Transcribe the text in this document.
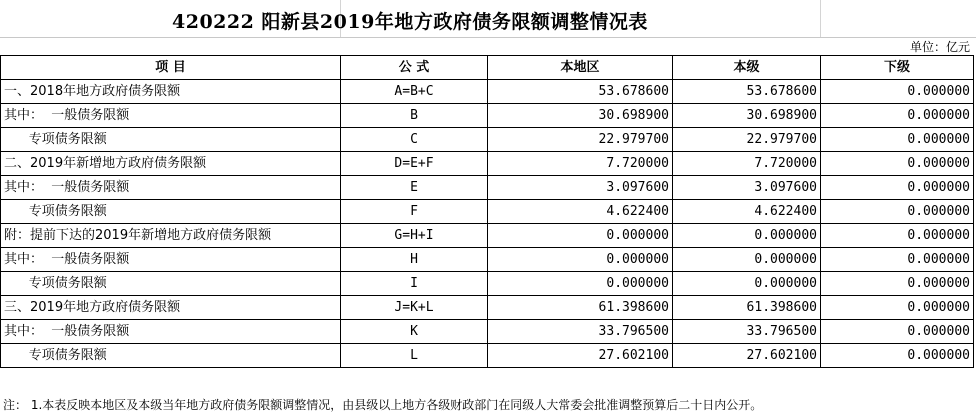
420222 阳新县2019年地方政府债务限额调整情况表
单位：亿元
项 目	公 式	本地区	本级	下级
一、2018年地方政府债务限额	A=B+C	53.678600	53.678600	0.000000
其中：  一般债务限额	B	30.698900	30.698900	0.000000
专项债务限额	C	22.979700	22.979700	0.000000
二、2019年新增地方政府债务限额	D=E+F	7.720000	7.720000	0.000000
其中：  一般债务限额	E	3.097600	3.097600	0.000000
专项债务限额	F	4.622400	4.622400	0.000000
附：提前下达的2019年新增地方政府债务限额	G=H+I	0.000000	0.000000	0.000000
其中：  一般债务限额	H	0.000000	0.000000	0.000000
专项债务限额	I	0.000000	0.000000	0.000000
三、2019年地方政府债务限额	J=K+L	61.398600	61.398600	0.000000
其中：  一般债务限额	K	33.796500	33.796500	0.000000
专项债务限额	L	27.602100	27.602100	0.000000
注： 1.本表反映本地区及本级当年地方政府债务限额调整情况，由县级以上地方各级财政部门在同级人大常委会批准调整预算后二十日内公开。
